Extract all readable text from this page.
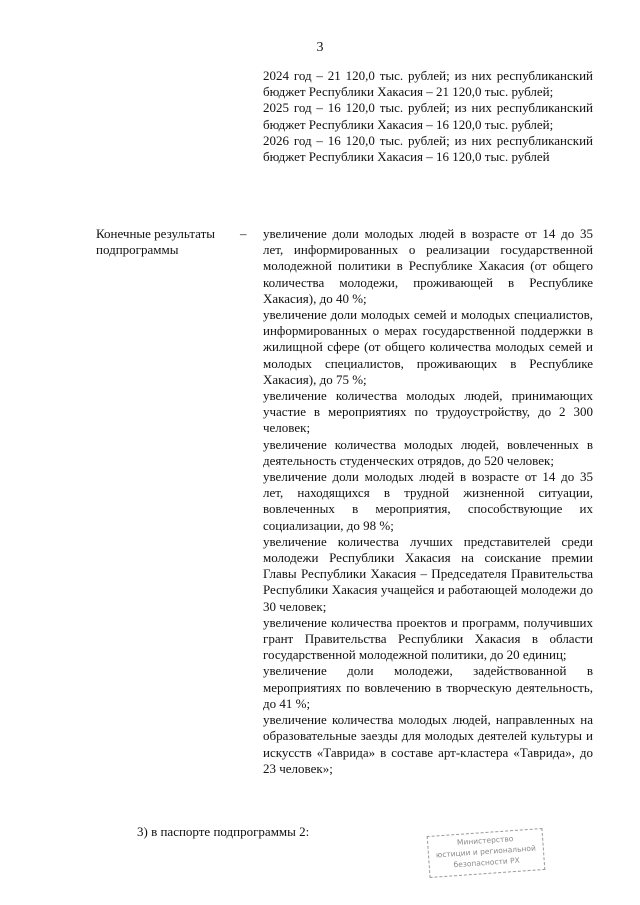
3
2024 год – 21 120,0 тыс. рублей; из них республиканский бюджет Республики Хакасия – 21 120,0 тыс. рублей;
2025 год – 16 120,0 тыс. рублей; из них республиканский бюджет Республики Хакасия – 16 120,0 тыс. рублей;
2026 год – 16 120,0 тыс. рублей; из них республиканский бюджет Республики Хакасия – 16 120,0 тыс. рублей
Конечные результаты подпрограммы
– увеличение доли молодых людей в возрасте от 14 до 35 лет, информированных о реализации государственной молодежной политики в Республике Хакасия (от общего количества молодежи, проживающей в Республике Хакасия), до 40 %;

увеличение доли молодых семей и молодых специалистов, информированных о мерах государственной поддержки в жилищной сфере (от общего количества молодых семей и молодых специалистов, проживающих в Республике Хакасия), до 75 %;

увеличение количества молодых людей, принимающих участие в мероприятиях по трудоустройству, до 2 300 человек;

увеличение количества молодых людей, вовлеченных в деятельность студенческих отрядов, до 520 человек;

увеличение доли молодых людей в возрасте от 14 до 35 лет, находящихся в трудной жизненной ситуации, вовлеченных в мероприятия, способствующие их социализации, до 98 %;

увеличение количества лучших представителей среди молодежи Республики Хакасия на соискание премии Главы Республики Хакасия – Председателя Правительства Республики Хакасия учащейся и работающей молодежи до 30 человек;

увеличение количества проектов и программ, получивших грант Правительства Республики Хакасия в области государственной молодежной политики, до 20 единиц;

увеличение доли молодежи, задействованной в мероприятиях по вовлечению в творческую деятельность, до 41 %;

увеличение количества молодых людей, направленных на образовательные заезды для молодых деятелей культуры и искусств «Таврида» в составе арт-кластера «Таврида», до 23 человек»;

3) в паспорте подпрограммы 2:
Министерство
юстиции и региональной
безопасности РХ
